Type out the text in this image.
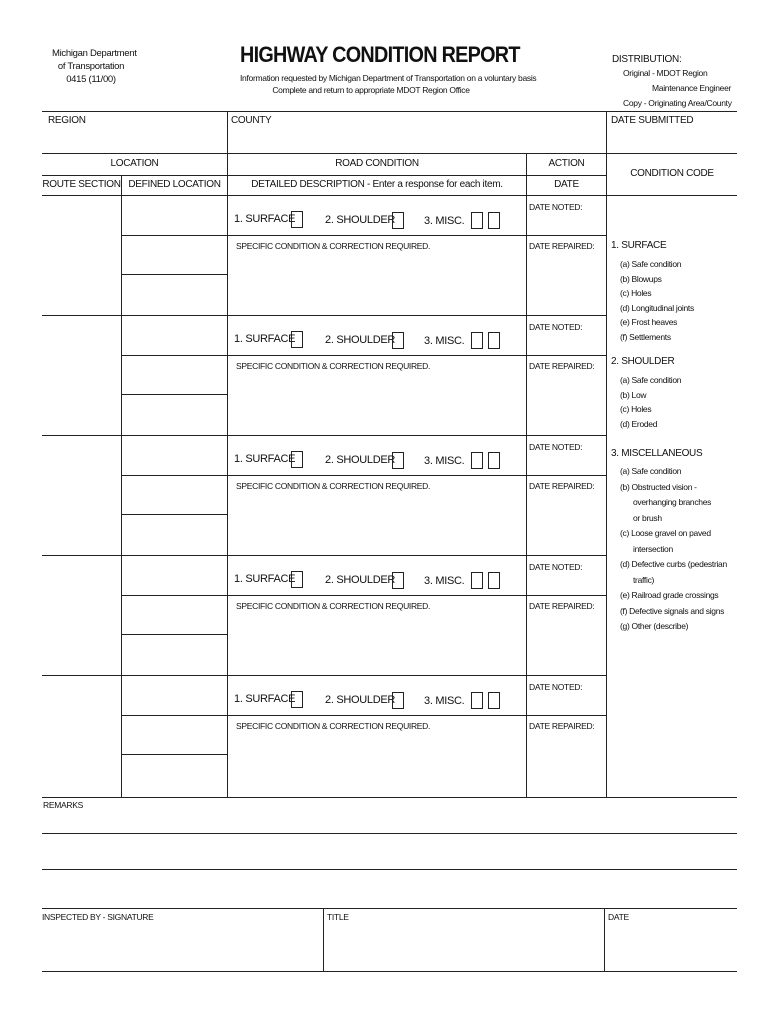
Michigan Department
of Transportation
0415 (11/00)
HIGHWAY CONDITION REPORT
Information requested by Michigan Department of Transportation on a voluntary basis
Complete and return to appropriate MDOT Region Office
DISTRIBUTION:
Original - MDOT Region
Maintenance Engineer
Copy - Originating Area/County
REGION	COUNTY	DATE SUBMITTED
LOCATION
ROUTE SECTION DEFINED LOCATION
ROAD CONDITION
DETAILED DESCRIPTION - Enter a response for each item.
ACTION
DATE
CONDITION CODE
1. SURFACE	2. SHOULDER	3. MISC.
SPECIFIC CONDITION & CORRECTION REQUIRED.
DATE NOTED:
DATE REPAIRED:
1. SURFACE	2. SHOULDER	3. MISC.
SPECIFIC CONDITION & CORRECTION REQUIRED.
DATE NOTED:
DATE REPAIRED:
1. SURFACE	2. SHOULDER	3. MISC.
SPECIFIC CONDITION & CORRECTION REQUIRED.
DATE NOTED:
DATE REPAIRED:
1. SURFACE	2. SHOULDER	3. MISC.
SPECIFIC CONDITION & CORRECTION REQUIRED.
DATE NOTED:
DATE REPAIRED:
1. SURFACE	2. SHOULDER	3. MISC.
SPECIFIC CONDITION & CORRECTION REQUIRED.
DATE NOTED:
DATE REPAIRED:
1. SURFACE
(a) Safe condition
(b) Blowups
(c) Holes
(d) Longitudinal joints
(e) Frost heaves
(f) Settlements
2. SHOULDER
(a) Safe condition
(b) Low
(c) Holes
(d) Eroded
3. MISCELLANEOUS
(a) Safe condition
(b) Obstructed vision -
overhanging branches
or brush
(c) Loose gravel on paved
intersection
(d) Defective curbs (pedestrian
traffic)
(e) Railroad grade crossings
(f) Defective signals and signs
(g) Other (describe)
REMARKS
INSPECTED BY - SIGNATURE	TITLE	DATE
